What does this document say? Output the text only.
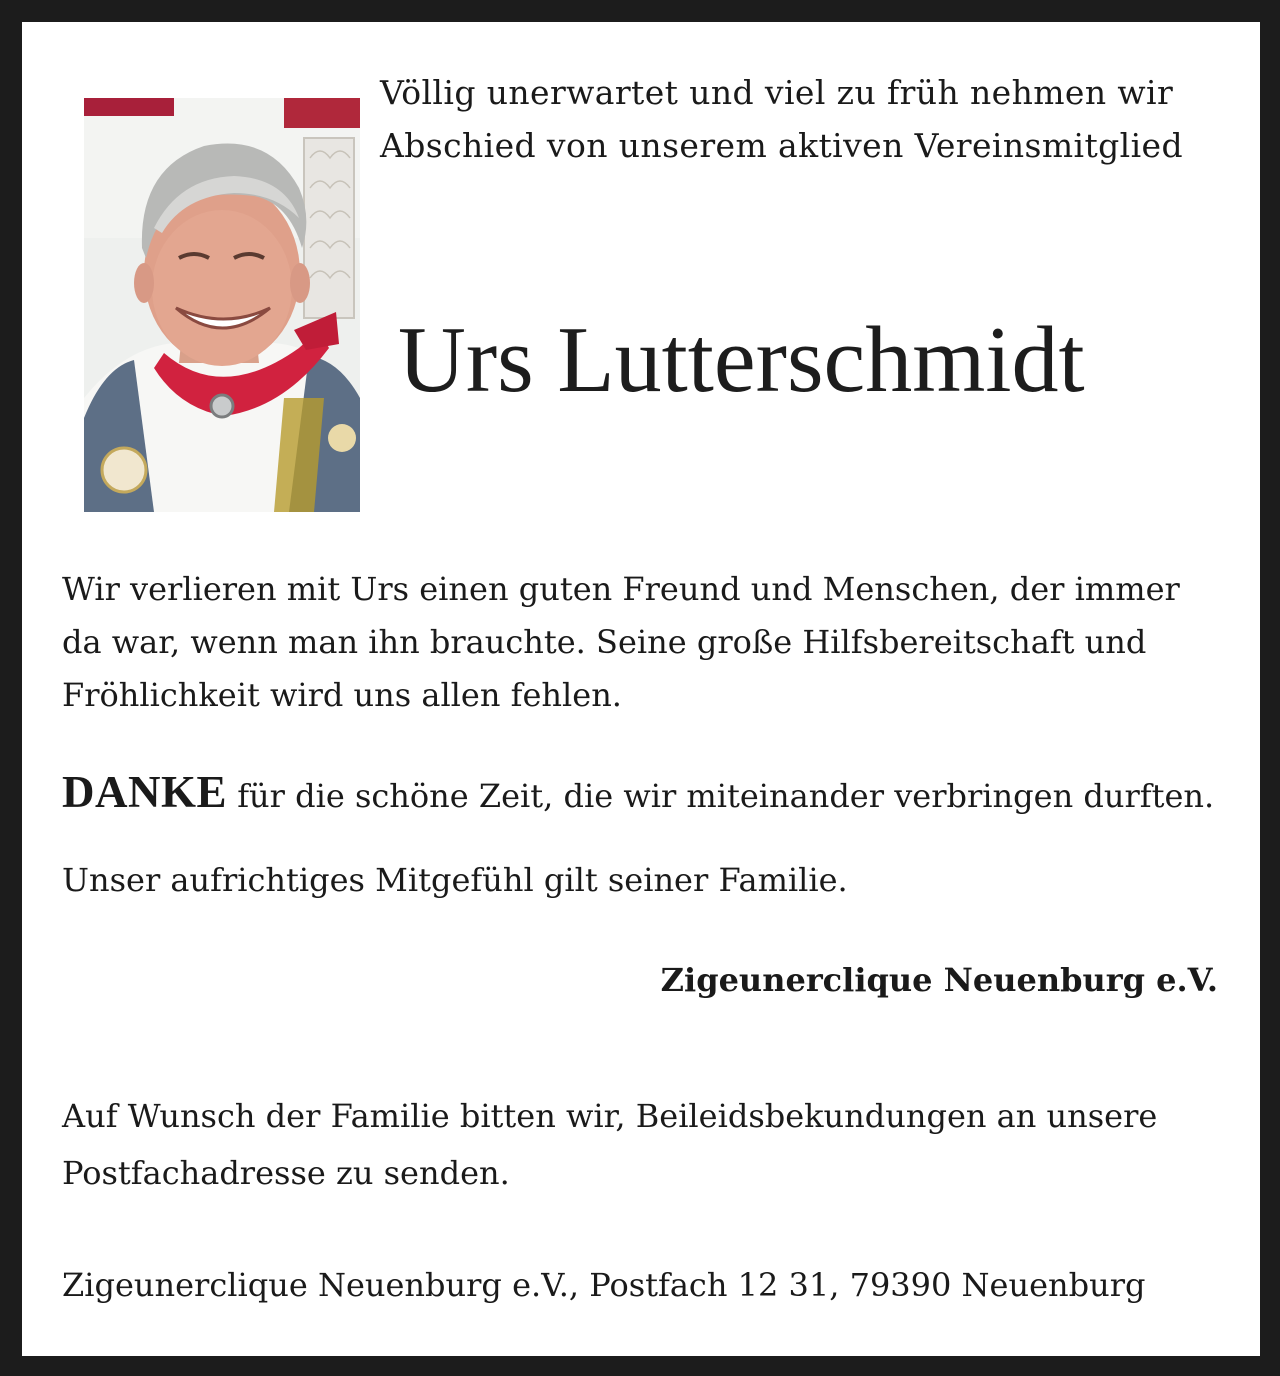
Völlig unerwartet und viel zu früh nehmen wir
Abschied von unserem aktiven Vereinsmitglied
Urs Lutterschmidt
Wir verlieren mit Urs einen guten Freund und Menschen, der immer
da war, wenn man ihn brauchte. Seine große Hilfsbereitschaft und
Fröhlichkeit wird uns allen fehlen.
DANKE für die schöne Zeit, die wir miteinander verbringen durften.
Unser aufrichtiges Mitgefühl gilt seiner Familie.
Zigeunerclique Neuenburg e.V.
Auf Wunsch der Familie bitten wir, Beileidsbekundungen an unsere
Postfachadresse zu senden.
Zigeunerclique Neuenburg e.V., Postfach 12 31, 79390 Neuenburg
